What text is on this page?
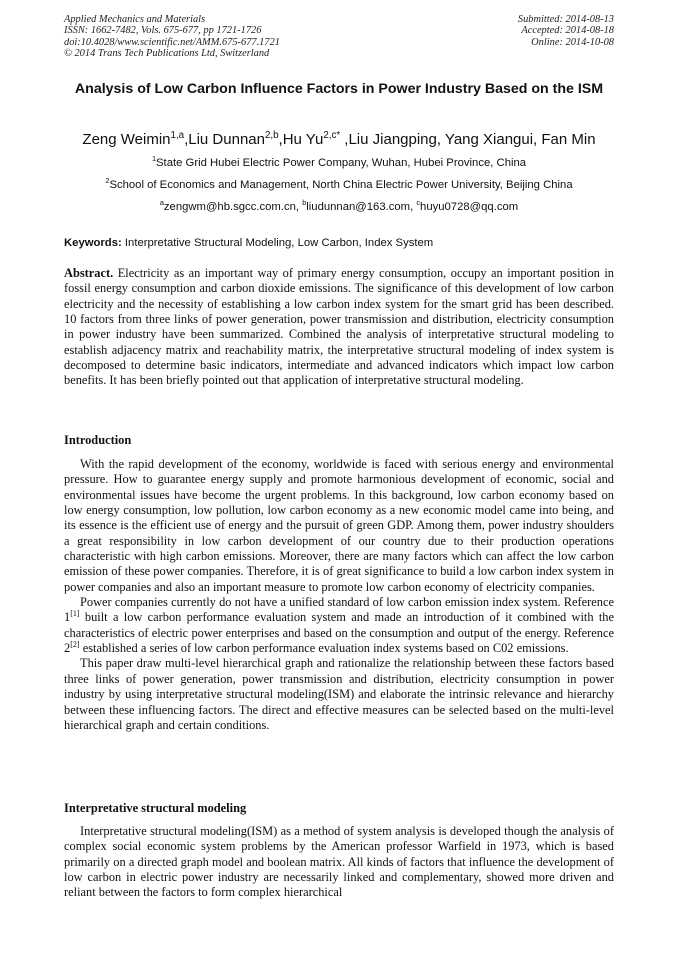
Applied Mechanics and Materials
ISSN: 1662-7482, Vols. 675-677, pp 1721-1726
doi:10.4028/www.scientific.net/AMM.675-677.1721
© 2014 Trans Tech Publications Ltd, Switzerland
Submitted: 2014-08-13
Accepted: 2014-08-18
Online: 2014-10-08
Analysis of Low Carbon Influence Factors in Power Industry Based on the ISM
Zeng Weimin$^{1,a}$,Liu Dunnan$^{2,b}$,Hu $Yu^{2,c*}$ ,Liu Jiangping, Yang Xiangui, Fan Min
$^1$State Grid Hubei Electric Power Company, Wuhan, Hubei Province, China
$^2$School of Economics and Management, North China Electric Power University, Beijing China
$^a$zengwm@hb.sgcc.com.cn, $^b$liudunnan@163.com, $^c$huyu0728@qq.com
Keywords: Interpretative Structural Modeling, Low Carbon, Index System

Abstract. Electricity as an important way of primary energy consumption, occupy an important position in fossil energy consumption and carbon dioxide emissions. The significance of this development of low carbon electricity and the necessity of establishing a low carbon index system for the smart grid has been described. 10 factors from three links of power generation, power transmission and distribution, electricity consumption in power industry have been summarized. Combined the analysis of interpretative structural modeling to establish adjacency matrix and reachability matrix, the interpretative structural modeling of index system is decomposed to determine basic indicators, intermediate and advanced indicators which impact low carbon benefits. It has been briefly pointed out that application of interpretative structural modeling.

Introduction

With the rapid development of the economy, worldwide is faced with serious energy and environmental pressure. How to guarantee energy supply and promote harmonious development of economic, social and environmental issues have become the urgent problems. In this background, low carbon economy based on low energy consumption, low pollution, low carbon economy as a new economic model came into being, and its essence is the efficient use of energy and the pursuit of green GDP. Among them, power industry shoulders a great responsibility in low carbon development of our country due to their production operations characteristic with high carbon emissions. Moreover, there are many factors which can affect the low carbon emission of these power companies. Therefore, it is of great significance to build a low carbon index system in power companies and also an important measure to promote low carbon economy of electricity companies.

Power companies currently do not have a unified standard of low carbon emission index system. Reference 1[1] built a low carbon performance evaluation system and made an introduction of it combined with the characteristics of electric power enterprises and based on the consumption and output of the energy. Reference 2[2] established a series of low carbon performance evaluation index systems based on C02 emissions.

This paper draw multi-level hierarchical graph and rationalize the relationship between these factors based three links of power generation, power transmission and distribution, electricity consumption in power industry by using interpretative structural modeling(ISM) and elaborate the intrinsic relevance and hierarchy between these influencing factors. The direct and effective measures can be selected based on the multi-level hierarchical graph and certain conditions.

Interpretative structural modeling

Interpretative structural modeling(ISM) as a method of system analysis is developed though the analysis of complex social economic system problems by the American professor Warfield in 1973, which is based primarily on a directed graph model and boolean matrix. All kinds of factors that influence the development of low carbon in electric power industry are necessarily linked and complementary, showed more driven and reliant between the factors to form complex hierarchical
